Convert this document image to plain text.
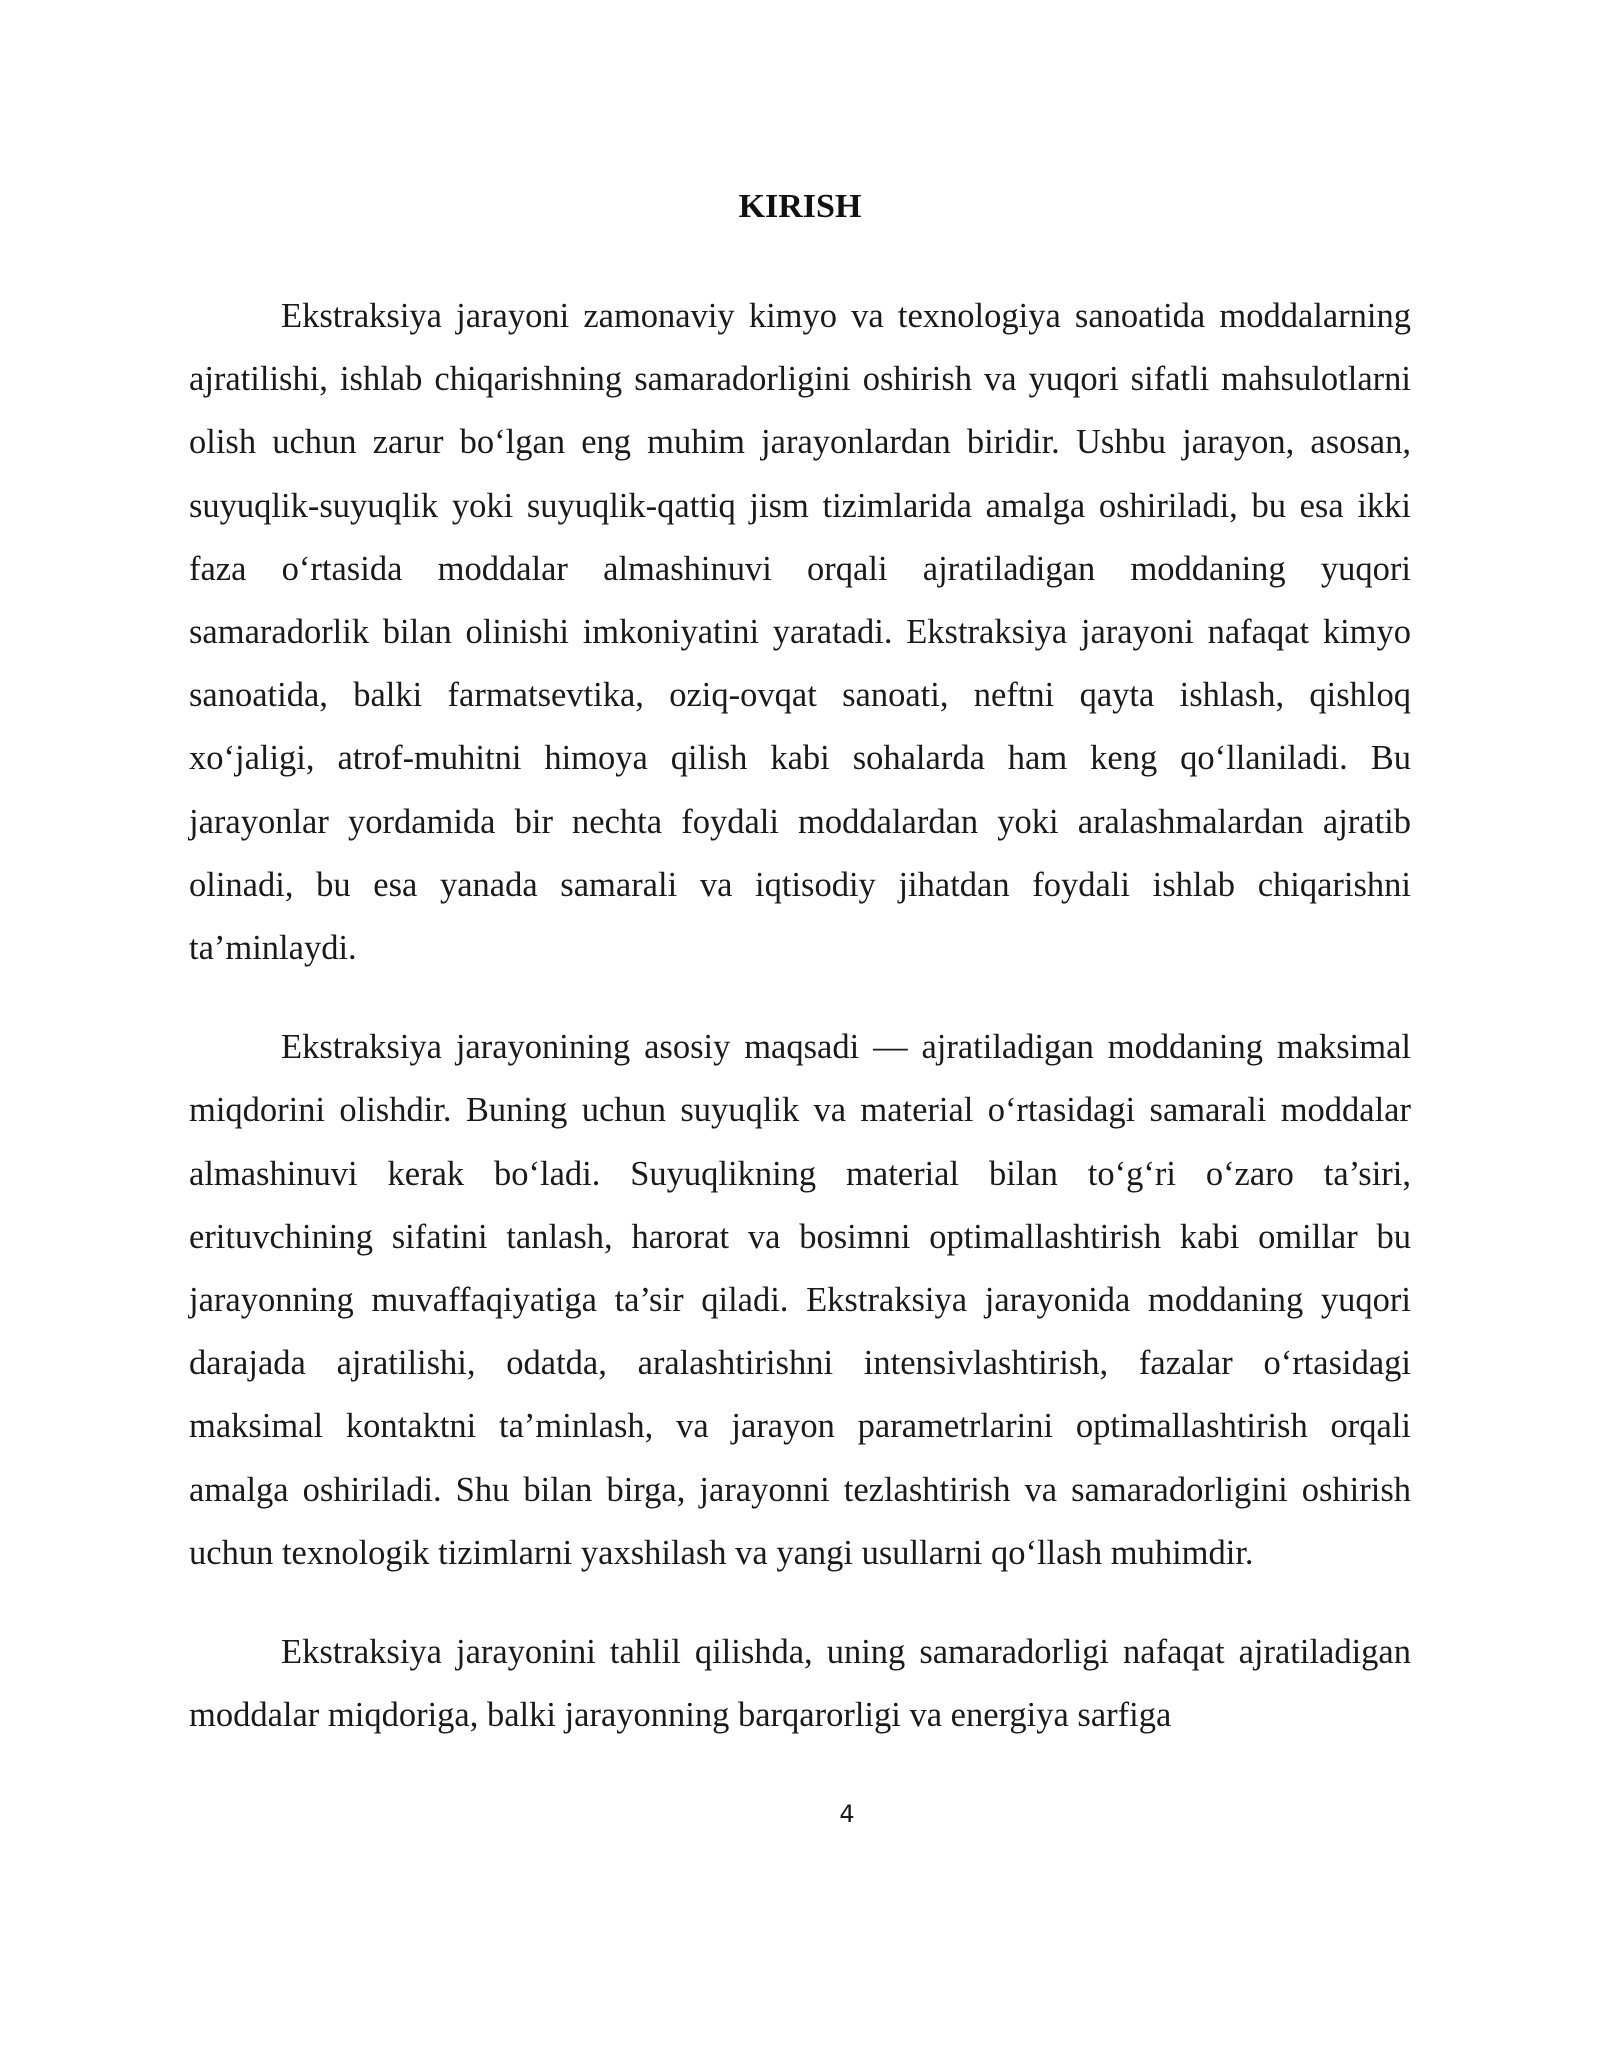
KIRISH

Ekstraksiya jarayoni zamonaviy kimyo va texnologiya sanoatida moddalarning ajratilishi, ishlab chiqarishning samaradorligini oshirish va yuqori sifatli mahsulotlarni olish uchun zarur bo‘lgan eng muhim jarayonlardan biridir. Ushbu jarayon, asosan, suyuqlik-suyuqlik yoki suyuqlik-qattiq jism tizimlarida amalga oshiriladi, bu esa ikki faza o‘rtasida moddalar almashinuvi orqali ajratiladigan moddaning yuqori samaradorlik bilan olinishi imkoniyatini yaratadi. Ekstraksiya jarayoni nafaqat kimyo sanoatida, balki farmatsevtika, oziq-ovqat sanoati, neftni qayta ishlash, qishloq xo‘jaligi, atrof-muhitni himoya qilish kabi sohalarda ham keng qo‘llaniladi. Bu jarayonlar yordamida bir nechta foydali moddalardan yoki aralashmalardan ajratib olinadi, bu esa yanada samarali va iqtisodiy jihatdan foydali ishlab chiqarishni ta’minlaydi.

Ekstraksiya jarayonining asosiy maqsadi — ajratiladigan moddaning maksimal miqdorini olishdir. Buning uchun suyuqlik va material o‘rtasidagi samarali moddalar almashinuvi kerak bo‘ladi. Suyuqlikning material bilan to‘g‘ri o‘zaro ta’siri, erituvchining sifatini tanlash, harorat va bosimni optimallashtirish kabi omillar bu jarayonning muvaffaqiyatiga ta’sir qiladi. Ekstraksiya jarayonida moddaning yuqori darajada ajratilishi, odatda, aralashtirishni intensivlashtirish, fazalar o‘rtasidagi maksimal kontaktni ta’minlash, va jarayon parametrlarini optimallashtirish orqali amalga oshiriladi. Shu bilan birga, jarayonni tezlashtirish va samaradorligini oshirish uchun texnologik tizimlarni yaxshilash va yangi usullarni qo‘llash muhimdir.

Ekstraksiya jarayonini tahlil qilishda, uning samaradorligi nafaqat ajratiladigan moddalar miqdoriga, balki jarayonning barqarorligi va energiya sarfiga

4
